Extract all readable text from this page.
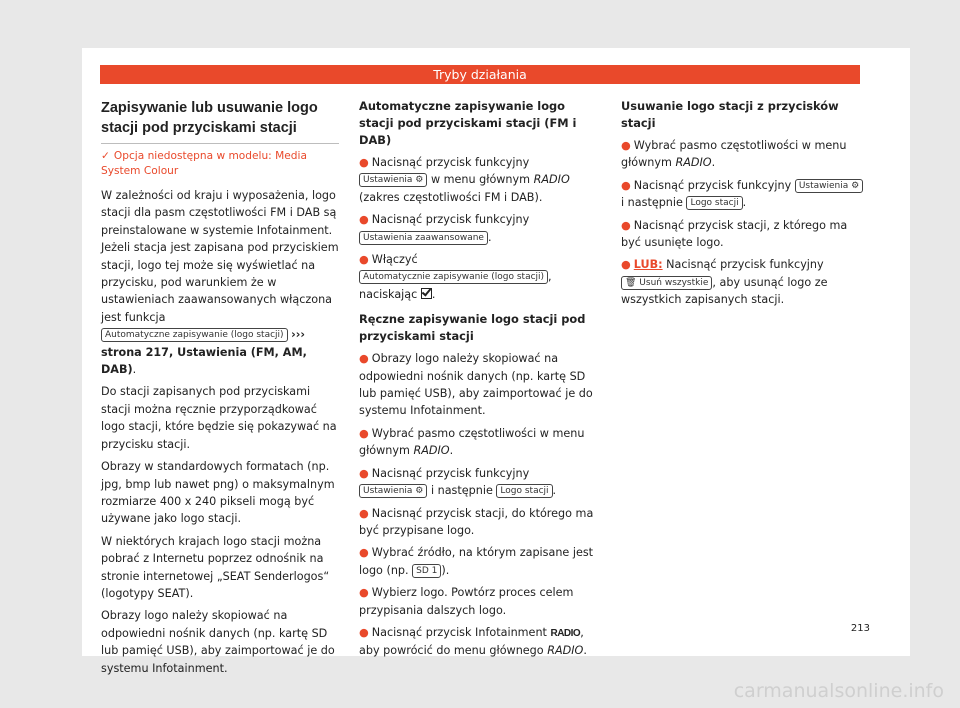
Tryby działania
Zapisywanie lub usuwanie logo stacji pod przyciskami stacji
✓ Opcja niedostępna w modelu: Media System Colour

W zależności od kraju i wyposażenia, logo stacji dla pasm częstotliwości FM i DAB są preinstalowane w systemie Infotainment. Jeżeli stacja jest zapisana pod przyciskiem stacji, logo tej może się wyświetlać na przycisku, pod warunkiem że w ustawieniach zaawansowanych włączona jest funkcja Automatyczne zapisywanie (logo stacji) ››› strona 217, Ustawienia (FM, AM, DAB).

Do stacji zapisanych pod przyciskami stacji można ręcznie przyporządkować logo stacji, które będzie się pokazywać na przycisku stacji.

Obrazy w standardowych formatach (np. jpg, bmp lub nawet png) o maksymalnym rozmiarze 400 x 240 pikseli mogą być używane jako logo stacji.

W niektórych krajach logo stacji można pobrać z Internetu poprzez odnośnik na stronie internetowej „SEAT Senderlogos“ (logotypy SEAT).

Obrazy logo należy skopiować na odpowiedni nośnik danych (np. kartę SD lub pamięć USB), aby zaimportować je do systemu Infotainment.

Automatyczne zapisywanie logo stacji pod przyciskami stacji (FM i DAB)
● Nacisnąć przycisk funkcyjny Ustawienia ⚙ w menu głównym RADIO (zakres częstotliwości FM i DAB).
● Nacisnąć przycisk funkcyjny Ustawienia zaawansowane .
● Włączyć Automatycznie zapisywanie (logo stacji) , naciskając .
Ręczne zapisywanie logo stacji pod przyciskami stacji
● Obrazy logo należy skopiować na odpowiedni nośnik danych (np. kartę SD lub pamięć USB), aby zaimportować je do systemu Infotainment.
● Wybrać pasmo częstotliwości w menu głównym RADIO.
● Nacisnąć przycisk funkcyjny Ustawienia ⚙ i następnie Logo stacji .
● Nacisnąć przycisk stacji, do którego ma być przypisane logo.
● Wybrać źródło, na którym zapisane jest logo (np. SD 1 ).
● Wybierz logo. Powtórz proces celem przypisania dalszych logo.
● Nacisnąć przycisk Infotainment RADIO, aby powrócić do menu głównego RADIO.
Usuwanie logo stacji z przycisków stacji
● Wybrać pasmo częstotliwości w menu głównym RADIO.
● Nacisnąć przycisk funkcyjny Ustawienia ⚙ i następnie Logo stacji .
● Nacisnąć przycisk stacji, z którego ma być usunięte logo.
● LUB: Nacisnąć przycisk funkcyjny 🗑 Usuń wszystkie , aby usunąć logo ze wszystkich zapisanych stacji.
213
carmanualsonline.info
